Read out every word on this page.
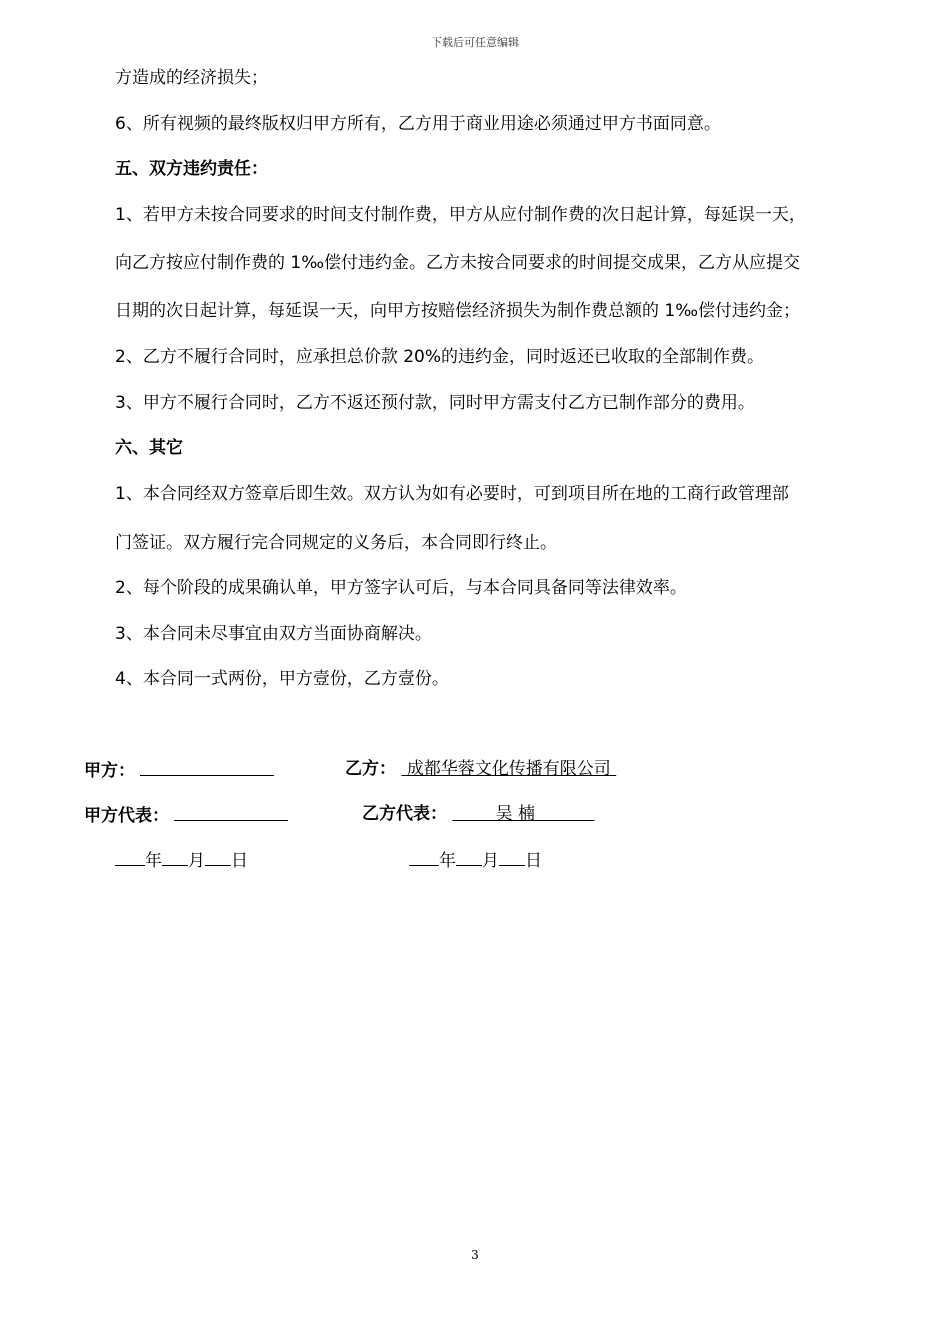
下载后可任意编辑
方造成的经济损失；
6、所有视频的最终版权归甲方所有，乙方用于商业用途必须通过甲方书面同意。
五、双方违约责任：
1、若甲方未按合同要求的时间支付制作费，甲方从应付制作费的次日起计算，每延误一天，
向乙方按应付制作费的 1‰偿付违约金。乙方未按合同要求的时间提交成果，乙方从应提交
日期的次日起计算，每延误一天，向甲方按赔偿经济损失为制作费总额的 1‰偿付违约金；
2、乙方不履行合同时，应承担总价款 20%的违约金，同时返还已收取的全部制作费。
3、甲方不履行合同时，乙方不返还预付款，同时甲方需支付乙方已制作部分的费用。
六、其它
1、本合同经双方签章后即生效。双方认为如有必要时，可到项目所在地的工商行政管理部
门签证。双方履行完合同规定的义务后，本合同即行终止。
2、每个阶段的成果确认单，甲方签字认可后，与本合同具备同等法律效率。
3、本合同未尽事宜由双方当面协商解决。
4、本合同一式两份，甲方壹份，乙方壹份。
甲方：	乙方： 成都华蓉文化传播有限公司
甲方代表：	乙方代表：	吴 楠
年 月 日	年 月 日
3
